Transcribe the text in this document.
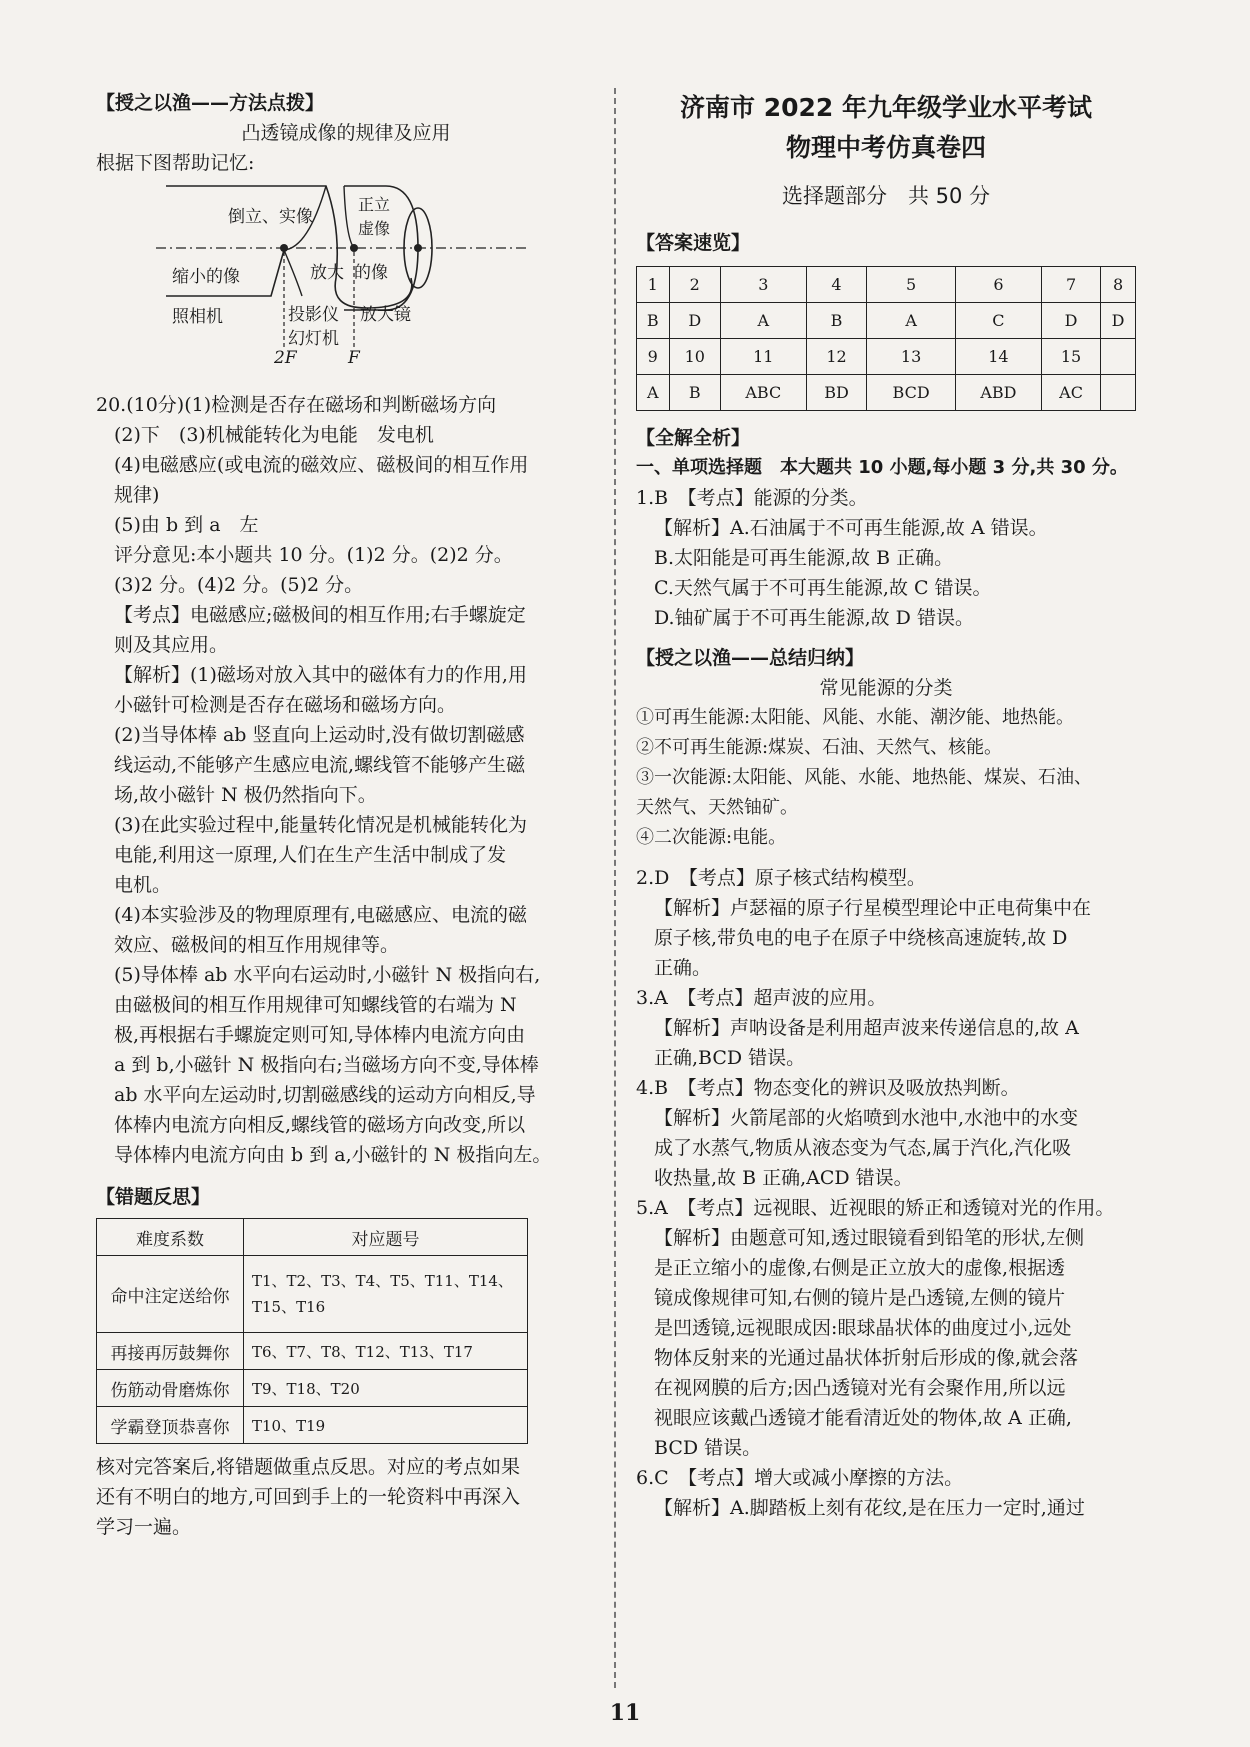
【授之以渔——方法点拨】
凸透镜成像的规律及应用
根据下图帮助记忆:
倒立、实像
正立
虚像
缩小的像	放大 的像
照相机	投影仪
幻灯机
放大镜
2F	F
20.(10分)(1)检测是否存在磁场和判断磁场方向
(2)下　(3)机械能转化为电能　发电机
(4)电磁感应(或电流的磁效应、磁极间的相互作用
规律)
(5)由 b 到 a　左
评分意见:本小题共 10 分。(1)2 分。(2)2 分。
(3)2 分。(4)2 分。(5)2 分。
【考点】电磁感应;磁极间的相互作用;右手螺旋定
则及其应用。
【解析】(1)磁场对放入其中的磁体有力的作用,用
小磁针可检测是否存在磁场和磁场方向。
(2)当导体棒 ab 竖直向上运动时,没有做切割磁感
线运动,不能够产生感应电流,螺线管不能够产生磁
场,故小磁针 N 极仍然指向下。
(3)在此实验过程中,能量转化情况是机械能转化为
电能,利用这一原理,人们在生产生活中制成了发
电机。
(4)本实验涉及的物理原理有,电磁感应、电流的磁
效应、磁极间的相互作用规律等。
(5)导体棒 ab 水平向右运动时,小磁针 N 极指向右,
由磁极间的相互作用规律可知螺线管的右端为 N
极,再根据右手螺旋定则可知,导体棒内电流方向由
a 到 b,小磁针 N 极指向右;当磁场方向不变,导体棒
ab 水平向左运动时,切割磁感线的运动方向相反,导
体棒内电流方向相反,螺线管的磁场方向改变,所以
导体棒内电流方向由 b 到 a,小磁针的 N 极指向左。
【错题反思】
难度系数	对应题号
命中注定送给你	T1、T2、T3、T4、T5、T11、T14、T15、T16
再接再厉鼓舞你	T6、T7、T8、T12、T13、T17
伤筋动骨磨炼你	T9、T18、T20
学霸登顶恭喜你	T10、T19
核对完答案后,将错题做重点反思。对应的考点如果
还有不明白的地方,可回到手上的一轮资料中再深入
学习一遍。
济南市 2022 年九年级学业水平考试
物理中考仿真卷四
选择题部分　共 50 分
【答案速览】
1	2	3	4	5	6	7	8
B	D	A	B	A	C	D	D
9	10	11	12	13	14	15	
A	B	ABC	BD	BCD	ABD	AC	
【全解全析】
一、单项选择题　本大题共 10 小题,每小题 3 分,共 30 分。
1.B　【考点】能源的分类。
【解析】A.石油属于不可再生能源,故 A 错误。
B.太阳能是可再生能源,故 B 正确。
C.天然气属于不可再生能源,故 C 错误。
D.铀矿属于不可再生能源,故 D 错误。
【授之以渔——总结归纳】
常见能源的分类
①可再生能源:太阳能、风能、水能、潮汐能、地热能。
②不可再生能源:煤炭、石油、天然气、核能。
③一次能源:太阳能、风能、水能、地热能、煤炭、石油、
天然气、天然铀矿。
④二次能源:电能。
2.D　【考点】原子核式结构模型。
【解析】卢瑟福的原子行星模型理论中正电荷集中在
原子核,带负电的电子在原子中绕核高速旋转,故 D
正确。
3.A　【考点】超声波的应用。
【解析】声呐设备是利用超声波来传递信息的,故 A
正确,BCD 错误。
4.B　【考点】物态变化的辨识及吸放热判断。
【解析】火箭尾部的火焰喷到水池中,水池中的水变
成了水蒸气,物质从液态变为气态,属于汽化,汽化吸
收热量,故 B 正确,ACD 错误。
5.A　【考点】远视眼、近视眼的矫正和透镜对光的作用。
【解析】由题意可知,透过眼镜看到铅笔的形状,左侧
是正立缩小的虚像,右侧是正立放大的虚像,根据透
镜成像规律可知,右侧的镜片是凸透镜,左侧的镜片
是凹透镜,远视眼成因:眼球晶状体的曲度过小,远处
物体反射来的光通过晶状体折射后形成的像,就会落
在视网膜的后方;因凸透镜对光有会聚作用,所以远
视眼应该戴凸透镜才能看清近处的物体,故 A 正确,
BCD 错误。
6.C　【考点】增大或减小摩擦的方法。
【解析】A.脚踏板上刻有花纹,是在压力一定时,通过
11
